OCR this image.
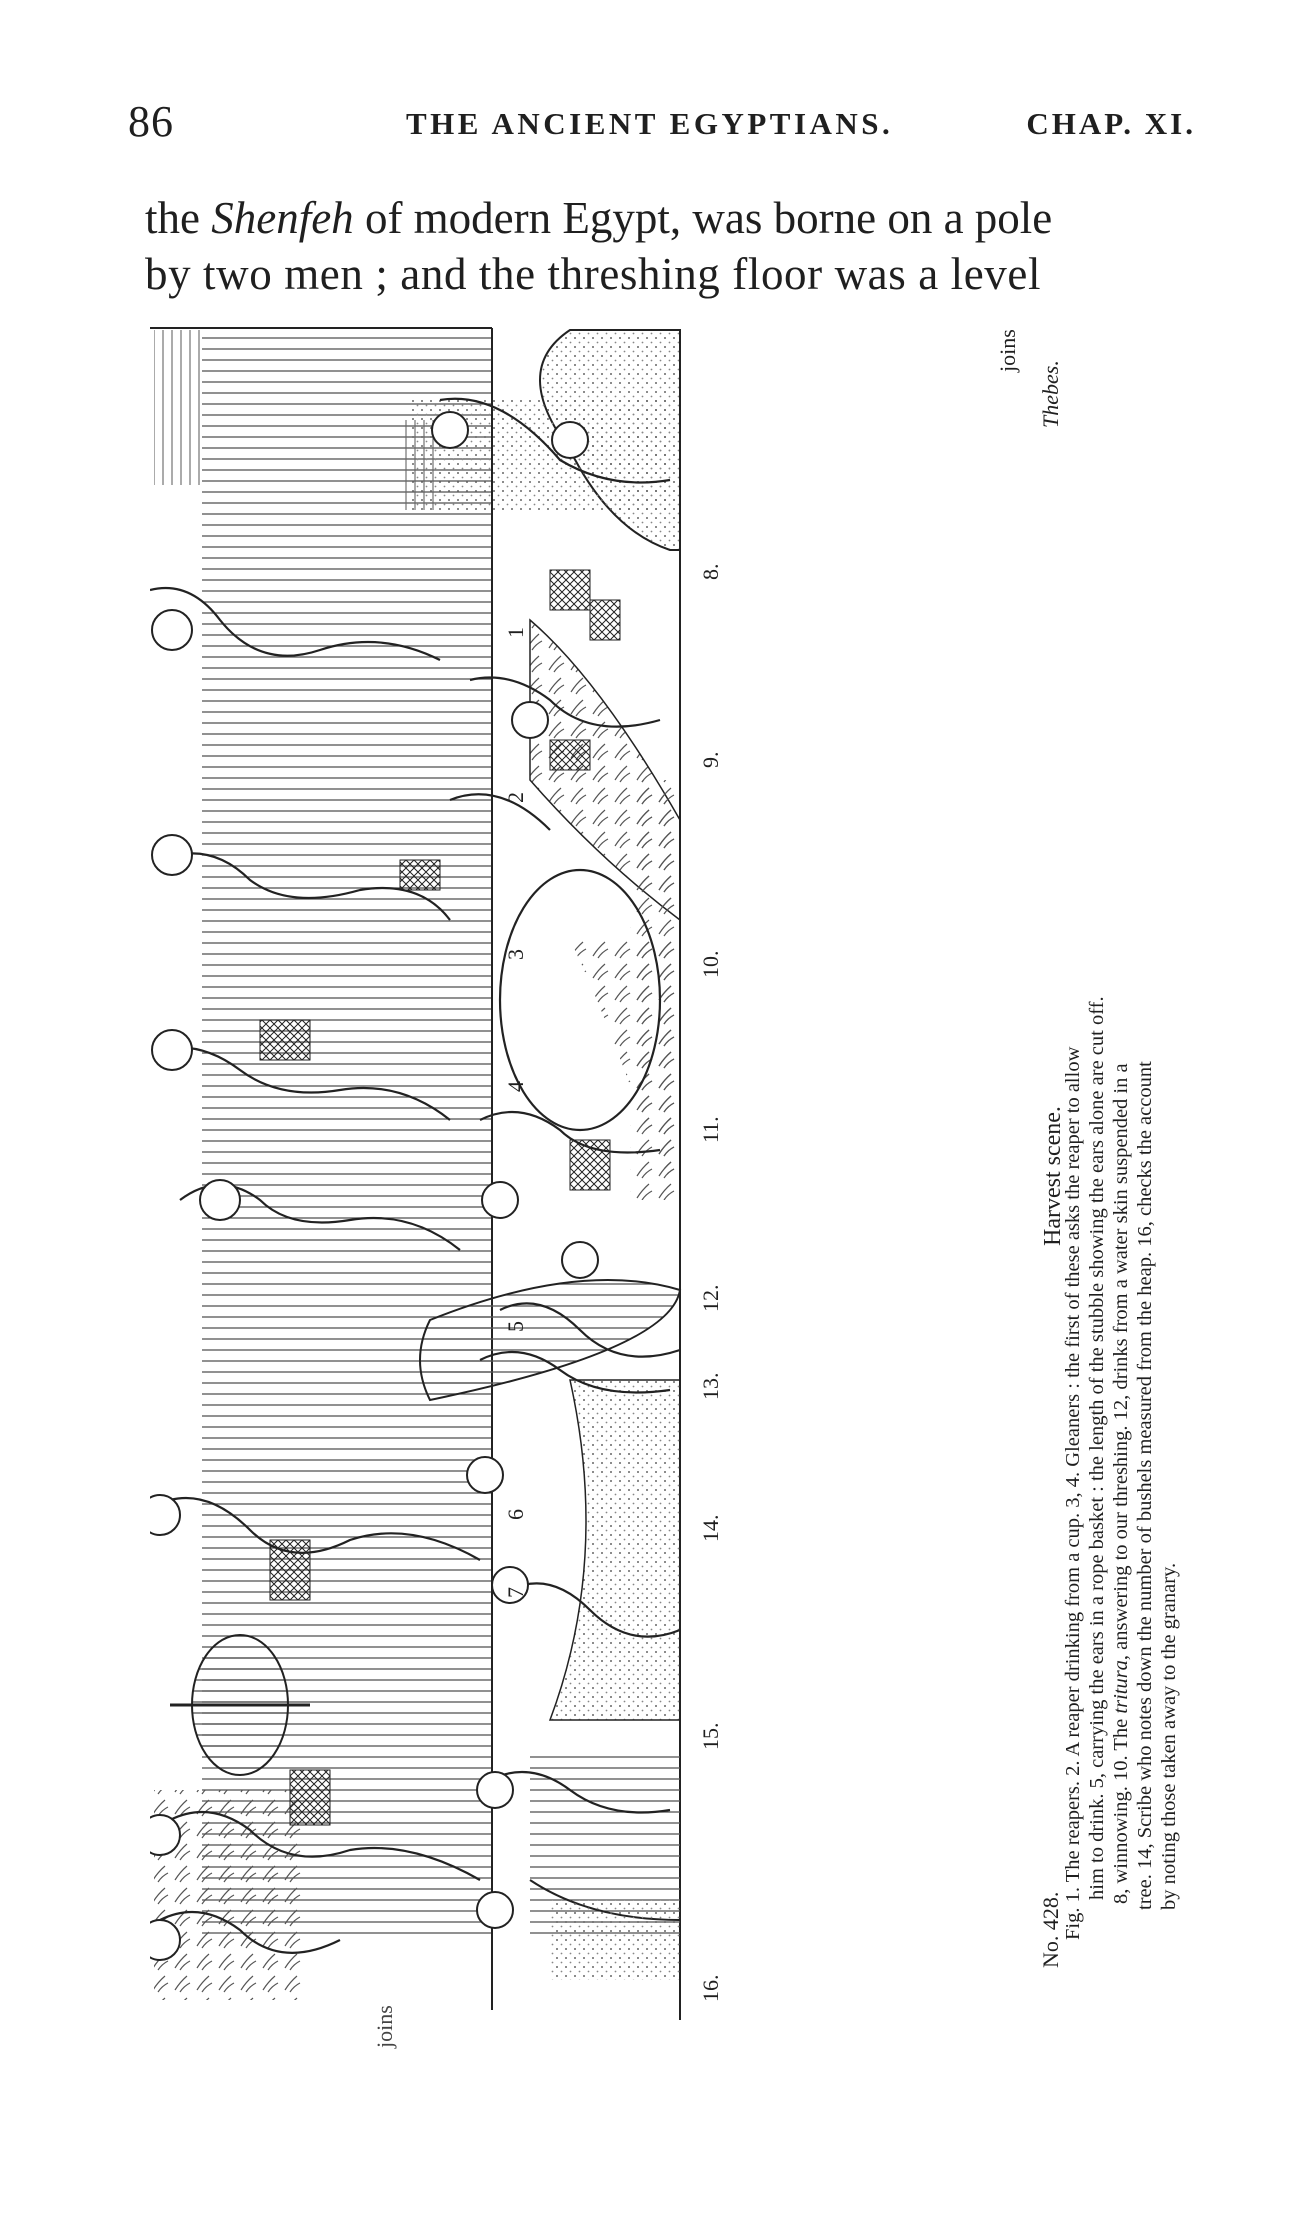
86	THE ANCIENT EGYPTIANS.	CHAP. XI.
the Shenfeh of modern Egypt, was borne on a pole
by two men ; and the threshing floor was a level
1
2
3
4
5
6
7
8.
9.
10.
11.
12.
13.
14.
15.
16.
joins
joins
Thebes.
Harvest scene.
No. 428. Fig. 1. The reapers. 2. A reaper drinking from a cup. 3, 4. Gleaners : the first of these asks the reaper to allow him to drink. 5, carrying the ears in a rope basket : the length of the stubble showing the ears alone are cut off. 8, winnowing. 10. The tritura, answering to our threshing. 12, drinks from a water skin suspended in a tree. 14, Scribe who notes down the number of bushels measured from the heap. 16, checks the account by noting those taken away to the granary.
